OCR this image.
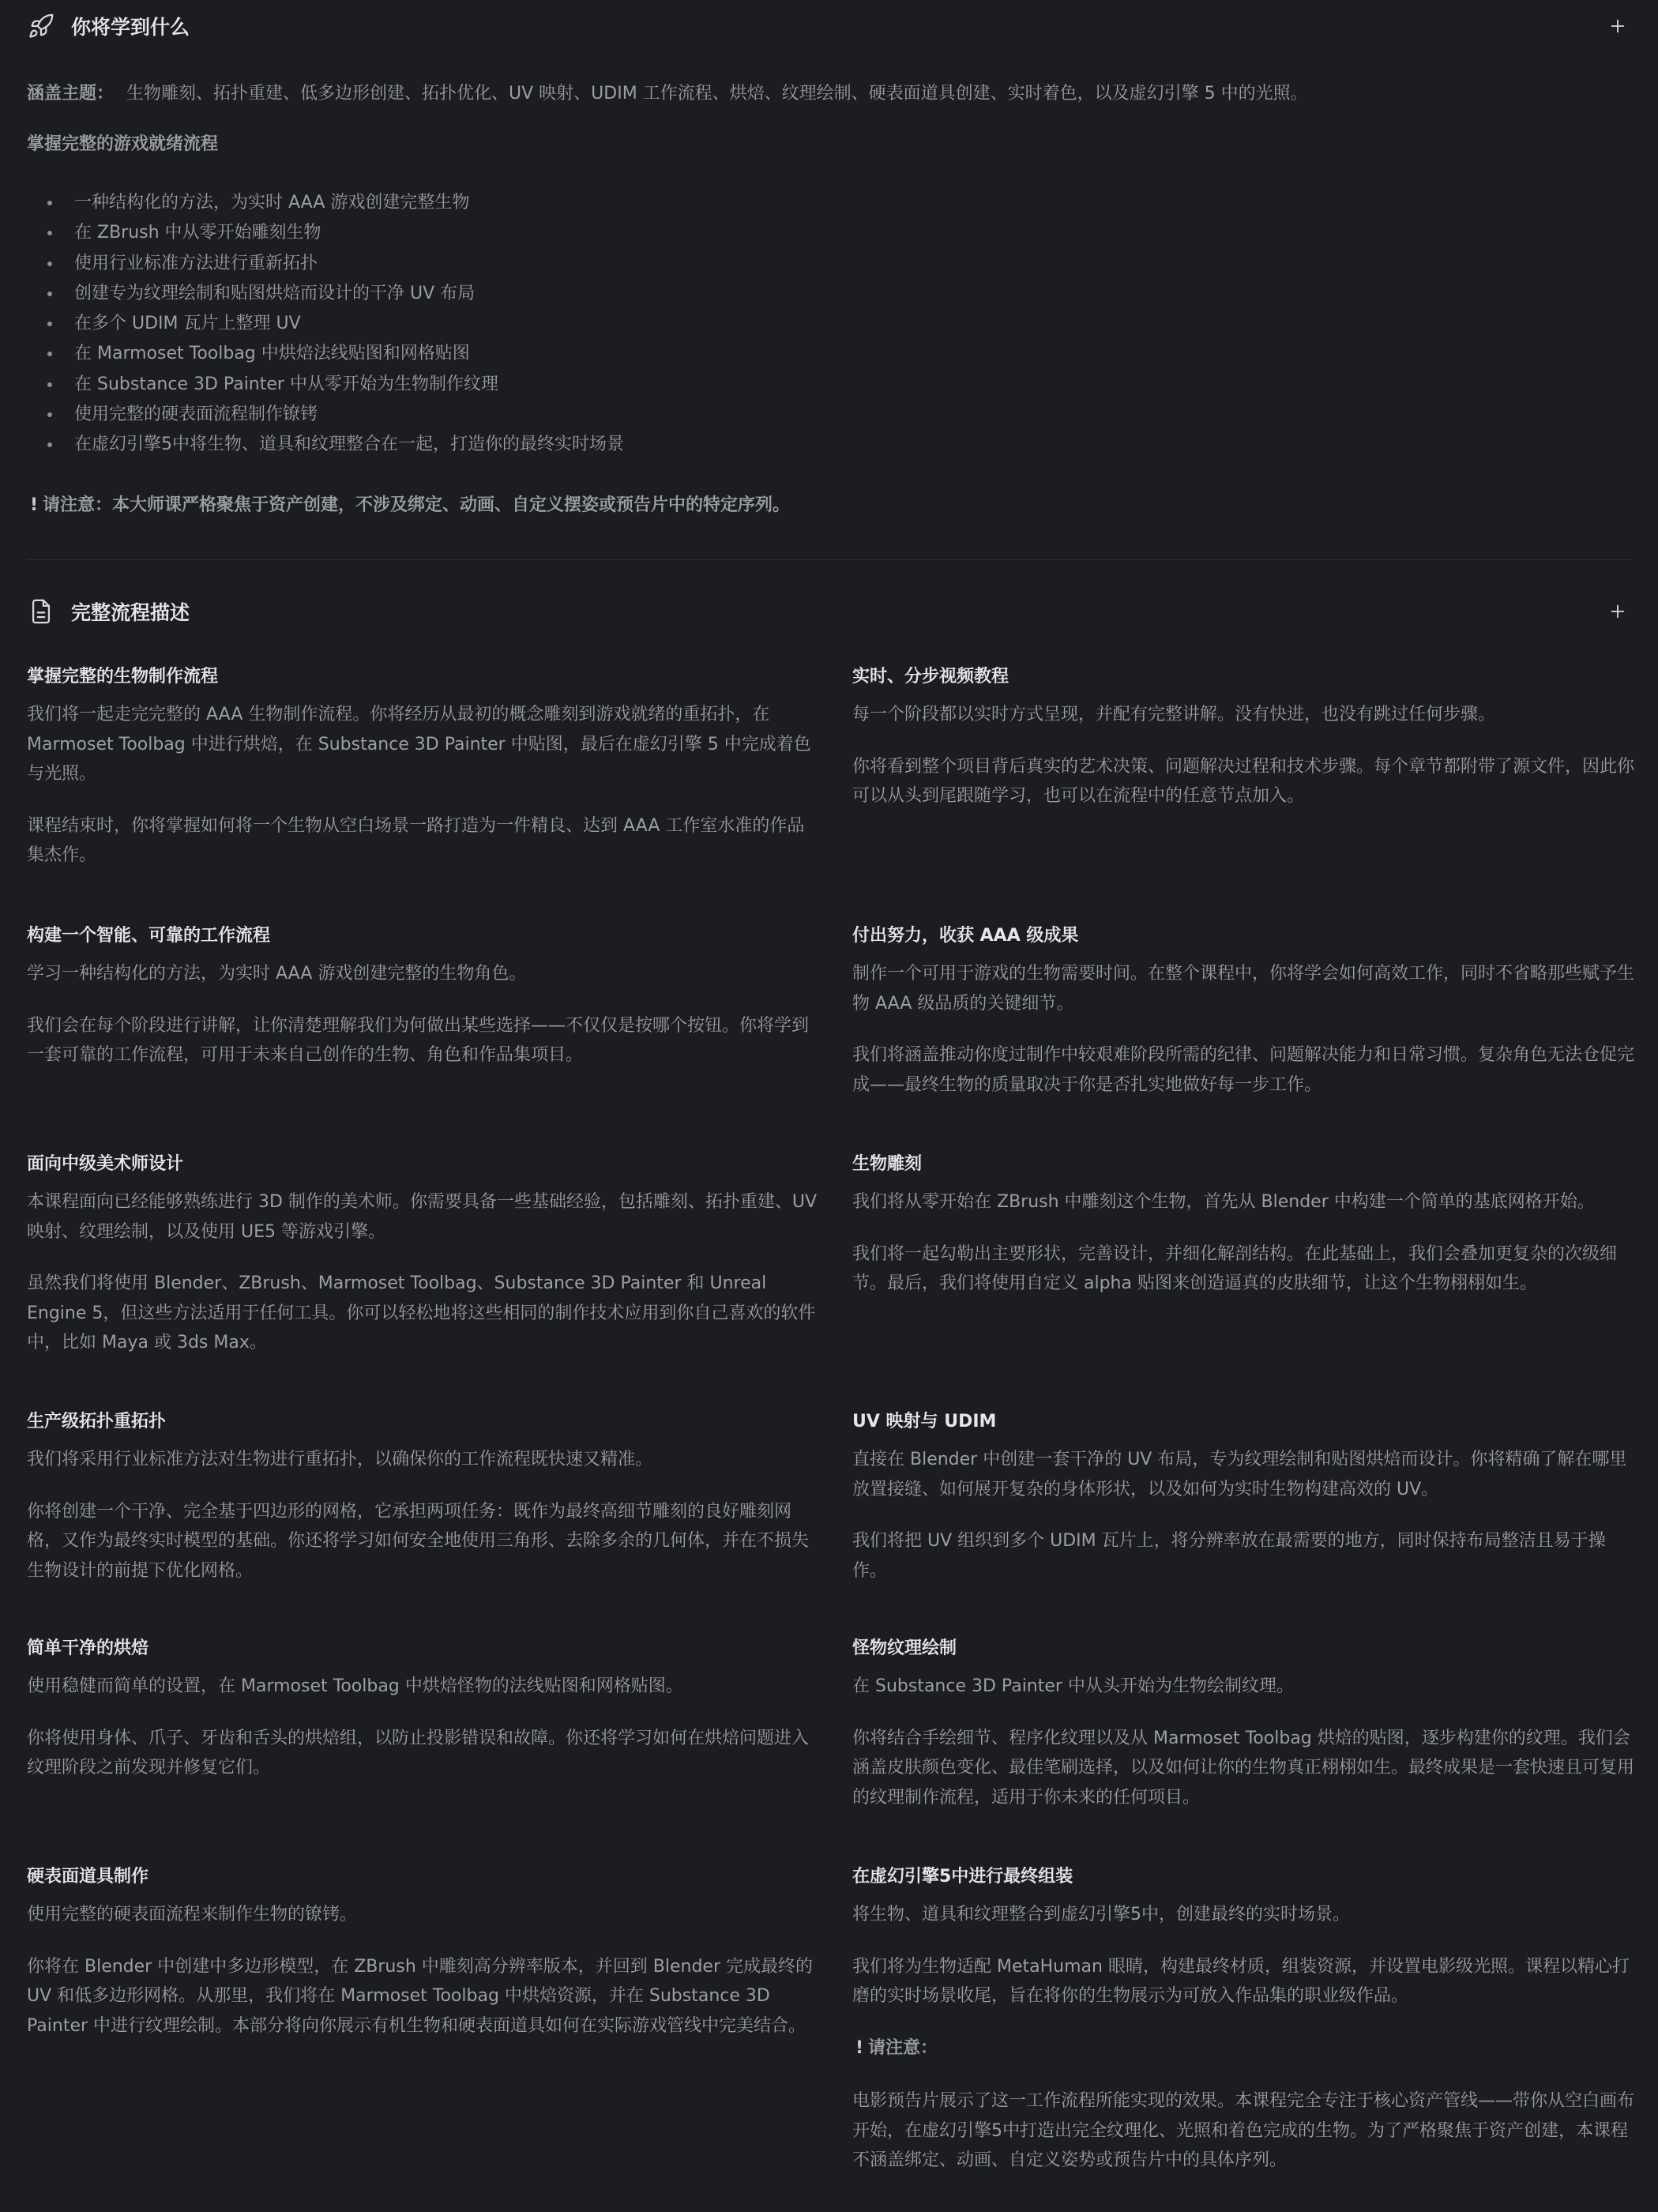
你将学到什么
涵盖主题： 生物雕刻、拓扑重建、低多边形创建、拓扑优化、UV 映射、UDIM 工作流程、烘焙、纹理绘制、硬表面道具创建、实时着色，以及虚幻引擎 5 中的光照。
掌握完整的游戏就绪流程
一种结构化的方法，为实时 AAA 游戏创建完整生物
在 ZBrush 中从零开始雕刻生物
使用行业标准方法进行重新拓扑
创建专为纹理绘制和贴图烘焙而设计的干净 UV 布局
在多个 UDIM 瓦片上整理 UV
在 Marmoset Toolbag 中烘焙法线贴图和网格贴图
在 Substance 3D Painter 中从零开始为生物制作纹理
使用完整的硬表面流程制作镣铐
在虚幻引擎5中将生物、道具和纹理整合在一起，打造你的最终实时场景
! 请注意：本大师课严格聚焦于资产创建，不涉及绑定、动画、自定义摆姿或预告片中的特定序列。
完整流程描述
掌握完整的生物制作流程

我们将一起走完完整的 AAA 生物制作流程。你将经历从最初的概念雕刻到游戏就绪的重拓扑，在 Marmoset Toolbag 中进行烘焙，在 Substance 3D Painter 中贴图，最后在虚幻引擎 5 中完成着色与光照。

课程结束时，你将掌握如何将一个生物从空白场景一路打造为一件精良、达到 AAA 工作室水准的作品集杰作。

实时、分步视频教程

每一个阶段都以实时方式呈现，并配有完整讲解。没有快进，也没有跳过任何步骤。

你将看到整个项目背后真实的艺术决策、问题解决过程和技术步骤。每个章节都附带了源文件，因此你可以从头到尾跟随学习，也可以在流程中的任意节点加入。

构建一个智能、可靠的工作流程

学习一种结构化的方法，为实时 AAA 游戏创建完整的生物角色。

我们会在每个阶段进行讲解，让你清楚理解我们为何做出某些选择——不仅仅是按哪个按钮。你将学到一套可靠的工作流程，可用于未来自己创作的生物、角色和作品集项目。

付出努力，收获 AAA 级成果

制作一个可用于游戏的生物需要时间。在整个课程中，你将学会如何高效工作，同时不省略那些赋予生物 AAA 级品质的关键细节。

我们将涵盖推动你度过制作中较艰难阶段所需的纪律、问题解决能力和日常习惯。复杂角色无法仓促完成——最终生物的质量取决于你是否扎实地做好每一步工作。

面向中级美术师设计

本课程面向已经能够熟练进行 3D 制作的美术师。你需要具备一些基础经验，包括雕刻、拓扑重建、UV 映射、纹理绘制，以及使用 UE5 等游戏引擎。

虽然我们将使用 Blender、ZBrush、Marmoset Toolbag、Substance 3D Painter 和 Unreal Engine 5，但这些方法适用于任何工具。你可以轻松地将这些相同的制作技术应用到你自己喜欢的软件中，比如 Maya 或 3ds Max。

生物雕刻

我们将从零开始在 ZBrush 中雕刻这个生物，首先从 Blender 中构建一个简单的基底网格开始。

我们将一起勾勒出主要形状，完善设计，并细化解剖结构。在此基础上，我们会叠加更复杂的次级细节。最后，我们将使用自定义 alpha 贴图来创造逼真的皮肤细节，让这个生物栩栩如生。

生产级拓扑重拓扑

我们将采用行业标准方法对生物进行重拓扑，以确保你的工作流程既快速又精准。

你将创建一个干净、完全基于四边形的网格，它承担两项任务：既作为最终高细节雕刻的良好雕刻网格，又作为最终实时模型的基础。你还将学习如何安全地使用三角形、去除多余的几何体，并在不损失生物设计的前提下优化网格。

UV 映射与 UDIM

直接在 Blender 中创建一套干净的 UV 布局，专为纹理绘制和贴图烘焙而设计。你将精确了解在哪里放置接缝、如何展开复杂的身体形状，以及如何为实时生物构建高效的 UV。

我们将把 UV 组织到多个 UDIM 瓦片上，将分辨率放在最需要的地方，同时保持布局整洁且易于操作。

简单干净的烘焙

使用稳健而简单的设置，在 Marmoset Toolbag 中烘焙怪物的法线贴图和网格贴图。

你将使用身体、爪子、牙齿和舌头的烘焙组，以防止投影错误和故障。你还将学习如何在烘焙问题进入纹理阶段之前发现并修复它们。

怪物纹理绘制

在 Substance 3D Painter 中从头开始为生物绘制纹理。

你将结合手绘细节、程序化纹理以及从 Marmoset Toolbag 烘焙的贴图，逐步构建你的纹理。我们会涵盖皮肤颜色变化、最佳笔刷选择，以及如何让你的生物真正栩栩如生。最终成果是一套快速且可复用的纹理制作流程，适用于你未来的任何项目。

硬表面道具制作

使用完整的硬表面流程来制作生物的镣铐。

你将在 Blender 中创建中多边形模型，在 ZBrush 中雕刻高分辨率版本，并回到 Blender 完成最终的 UV 和低多边形网格。从那里，我们将在 Marmoset Toolbag 中烘焙资源，并在 Substance 3D Painter 中进行纹理绘制。本部分将向你展示有机生物和硬表面道具如何在实际游戏管线中完美结合。

在虚幻引擎5中进行最终组装

将生物、道具和纹理整合到虚幻引擎5中，创建最终的实时场景。

我们将为生物适配 MetaHuman 眼睛，构建最终材质，组装资源，并设置电影级光照。课程以精心打磨的实时场景收尾，旨在将你的生物展示为可放入作品集的职业级作品。

! 请注意：

电影预告片展示了这一工作流程所能实现的效果。本课程完全专注于核心资产管线——带你从空白画布开始，在虚幻引擎5中打造出完全纹理化、光照和着色完成的生物。为了严格聚焦于资产创建，本课程不涵盖绑定、动画、自定义姿势或预告片中的具体序列。
